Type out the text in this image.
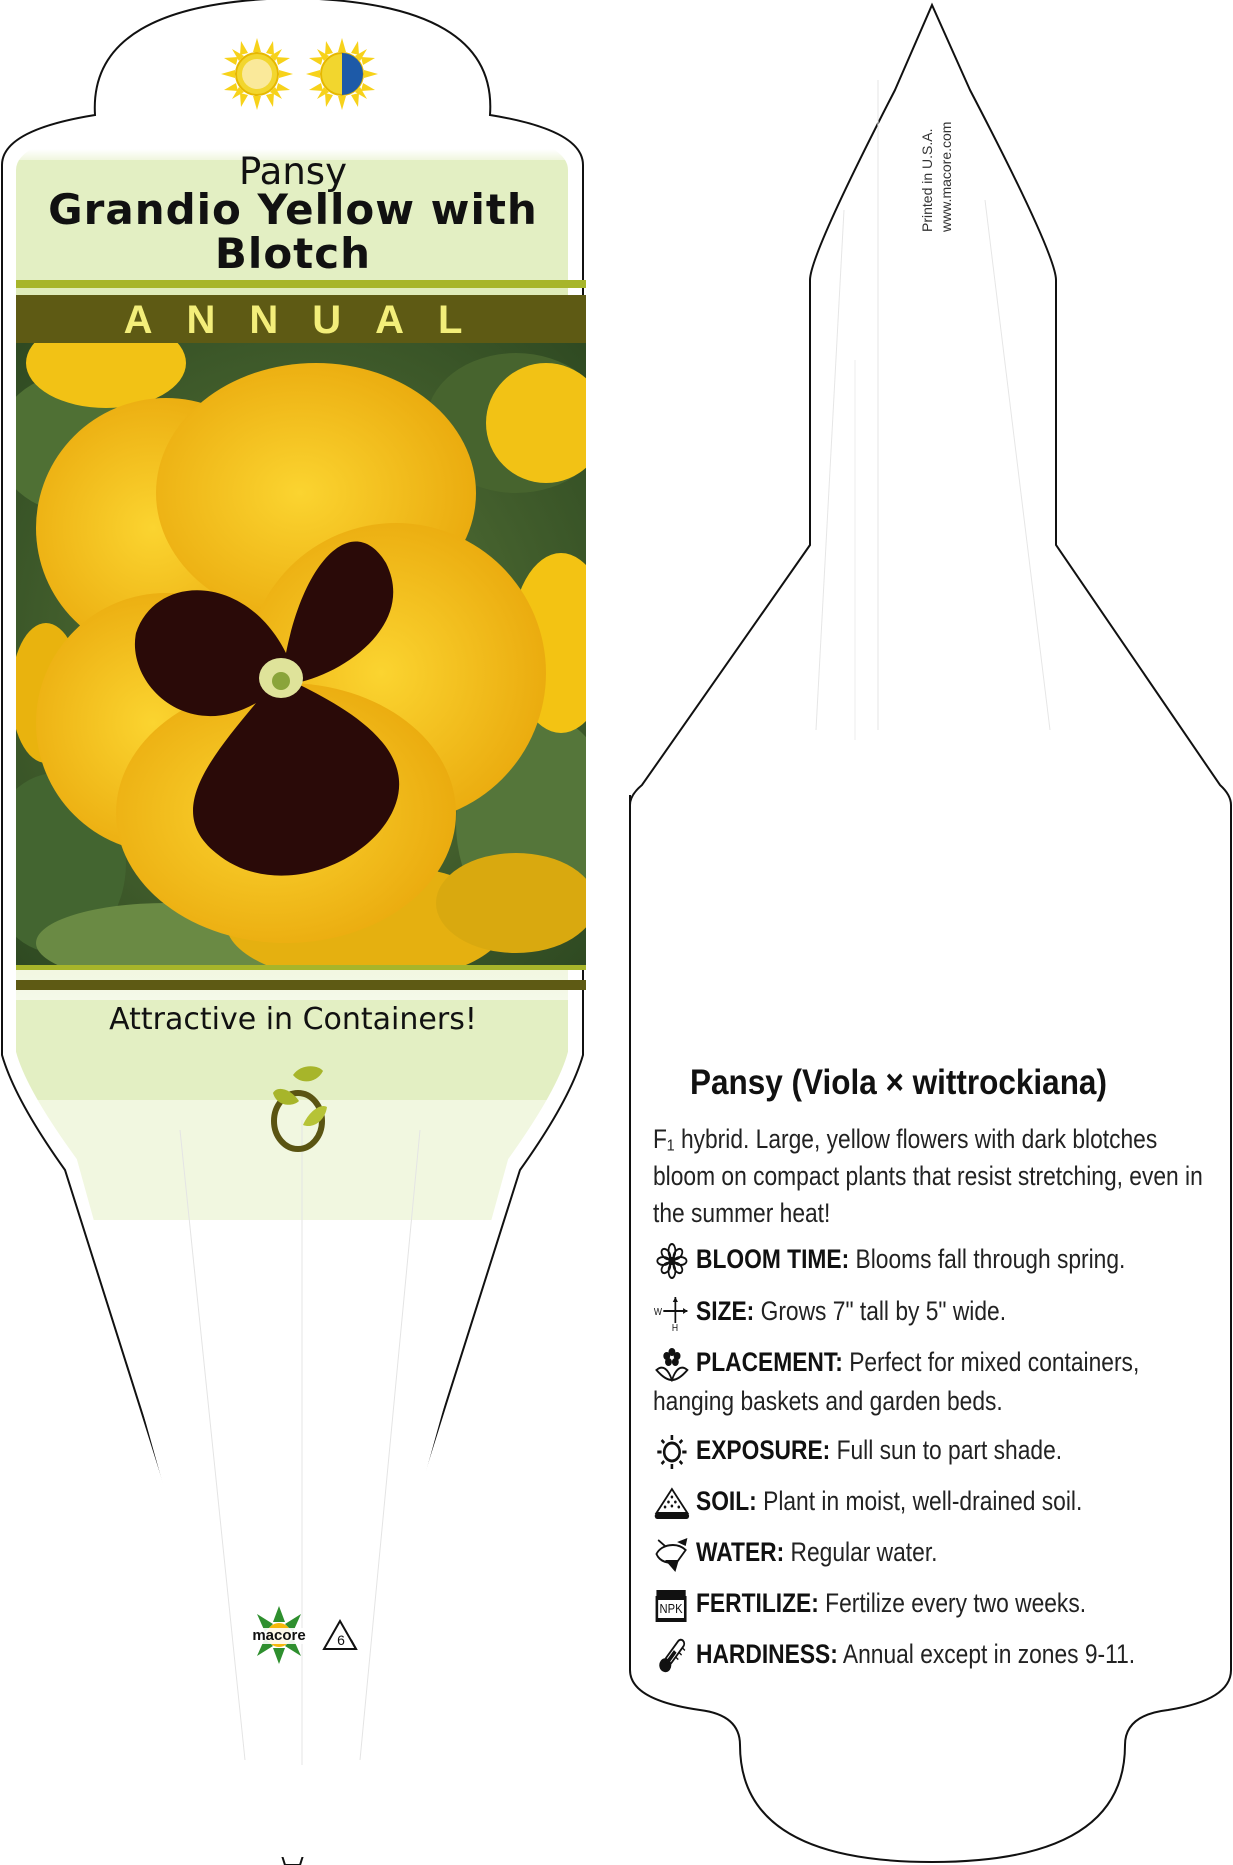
Pansy
Grandio Yellow with Blotch
ANNUAL
Attractive in Containers!
macore	6
Printed in U.S.A. www.macore.com
Pansy (Viola × wittrockiana)
F₁ hybrid. Large, yellow flowers with dark blotches bloom on compact plants that resist stretching, even in the summer heat!
BLOOM TIME: Blooms fall through spring.
W
H
SIZE: Grows 7" tall by 5" wide.
PLACEMENT: Perfect for mixed containers,
hanging baskets and garden beds.
EXPOSURE: Full sun to part shade.
SOIL: Plant in moist, well-drained soil.
WATER: Regular water.
NPK FERTILIZE: Fertilize every two weeks.
HARDINESS: Annual except in zones 9-11.
